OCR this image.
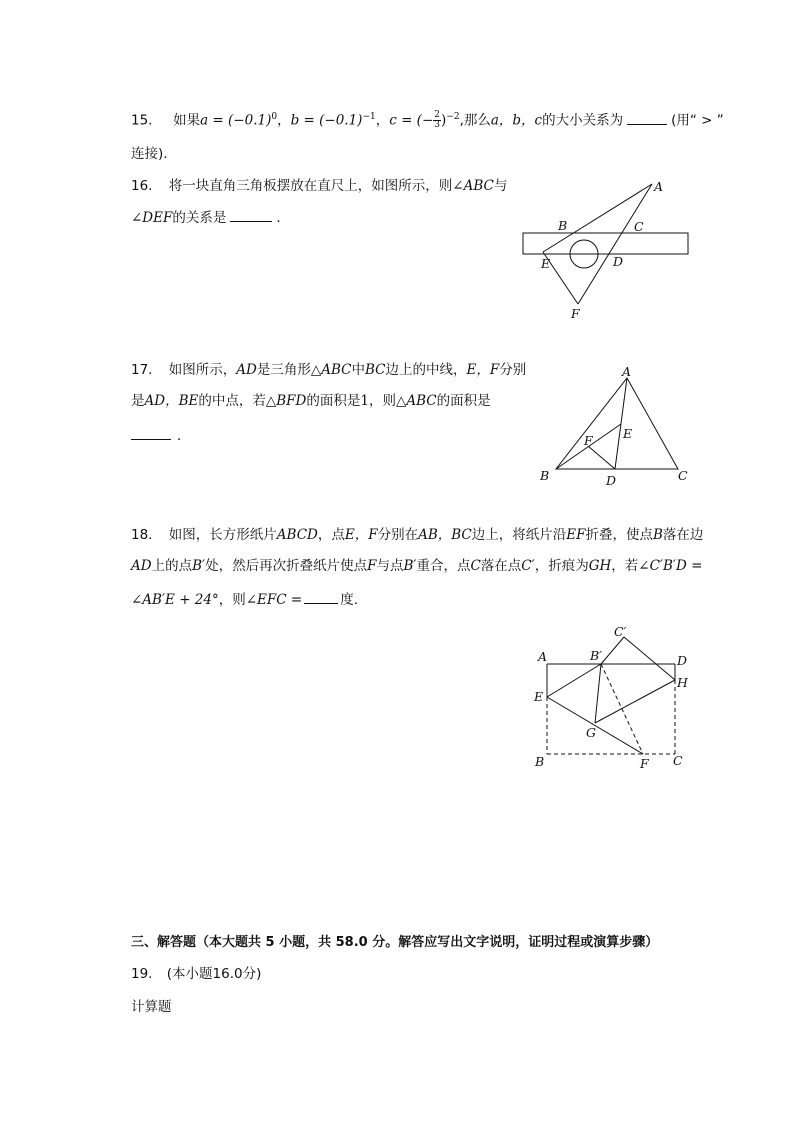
15. 如果$a = (-0.1)^0$，$b = (-0.1)^{-1}$，c = (− $\frac{2}{3} )^{-2}$,那么a，b，c的大小关系为	(用“ > ”
连接).
16. 将一块直角三角板摆放在直尺上，如图所示，则∠ABC与
∠DEF的关系是	．
A
B	C
E	D
F
17. 如图所示，AD是三角形△ABC中BC边上的中线，E，F分别
是AD，BE的中点，若△BFD的面积是1，则△ABC的面积是
．
A
B	C
D
E
F
18. 如图，长方形纸片ABCD，点E，F分别在AB，BC边上，将纸片沿EF折叠，使点B落在边
AD上的点B′处，然后再次折叠纸片使点F与点B′重合，点C落在点C′，折痕为GH，若∠C′B′D =
∠AB′E + 24°，则∠EFC =	度.
A	B′
C′
D
E
H
G
B	F C
三、解答题（本大题共 5 小题，共 58.0 分。解答应写出文字说明，证明过程或演算步骤）
19. (本小题16.0分)
计算题
